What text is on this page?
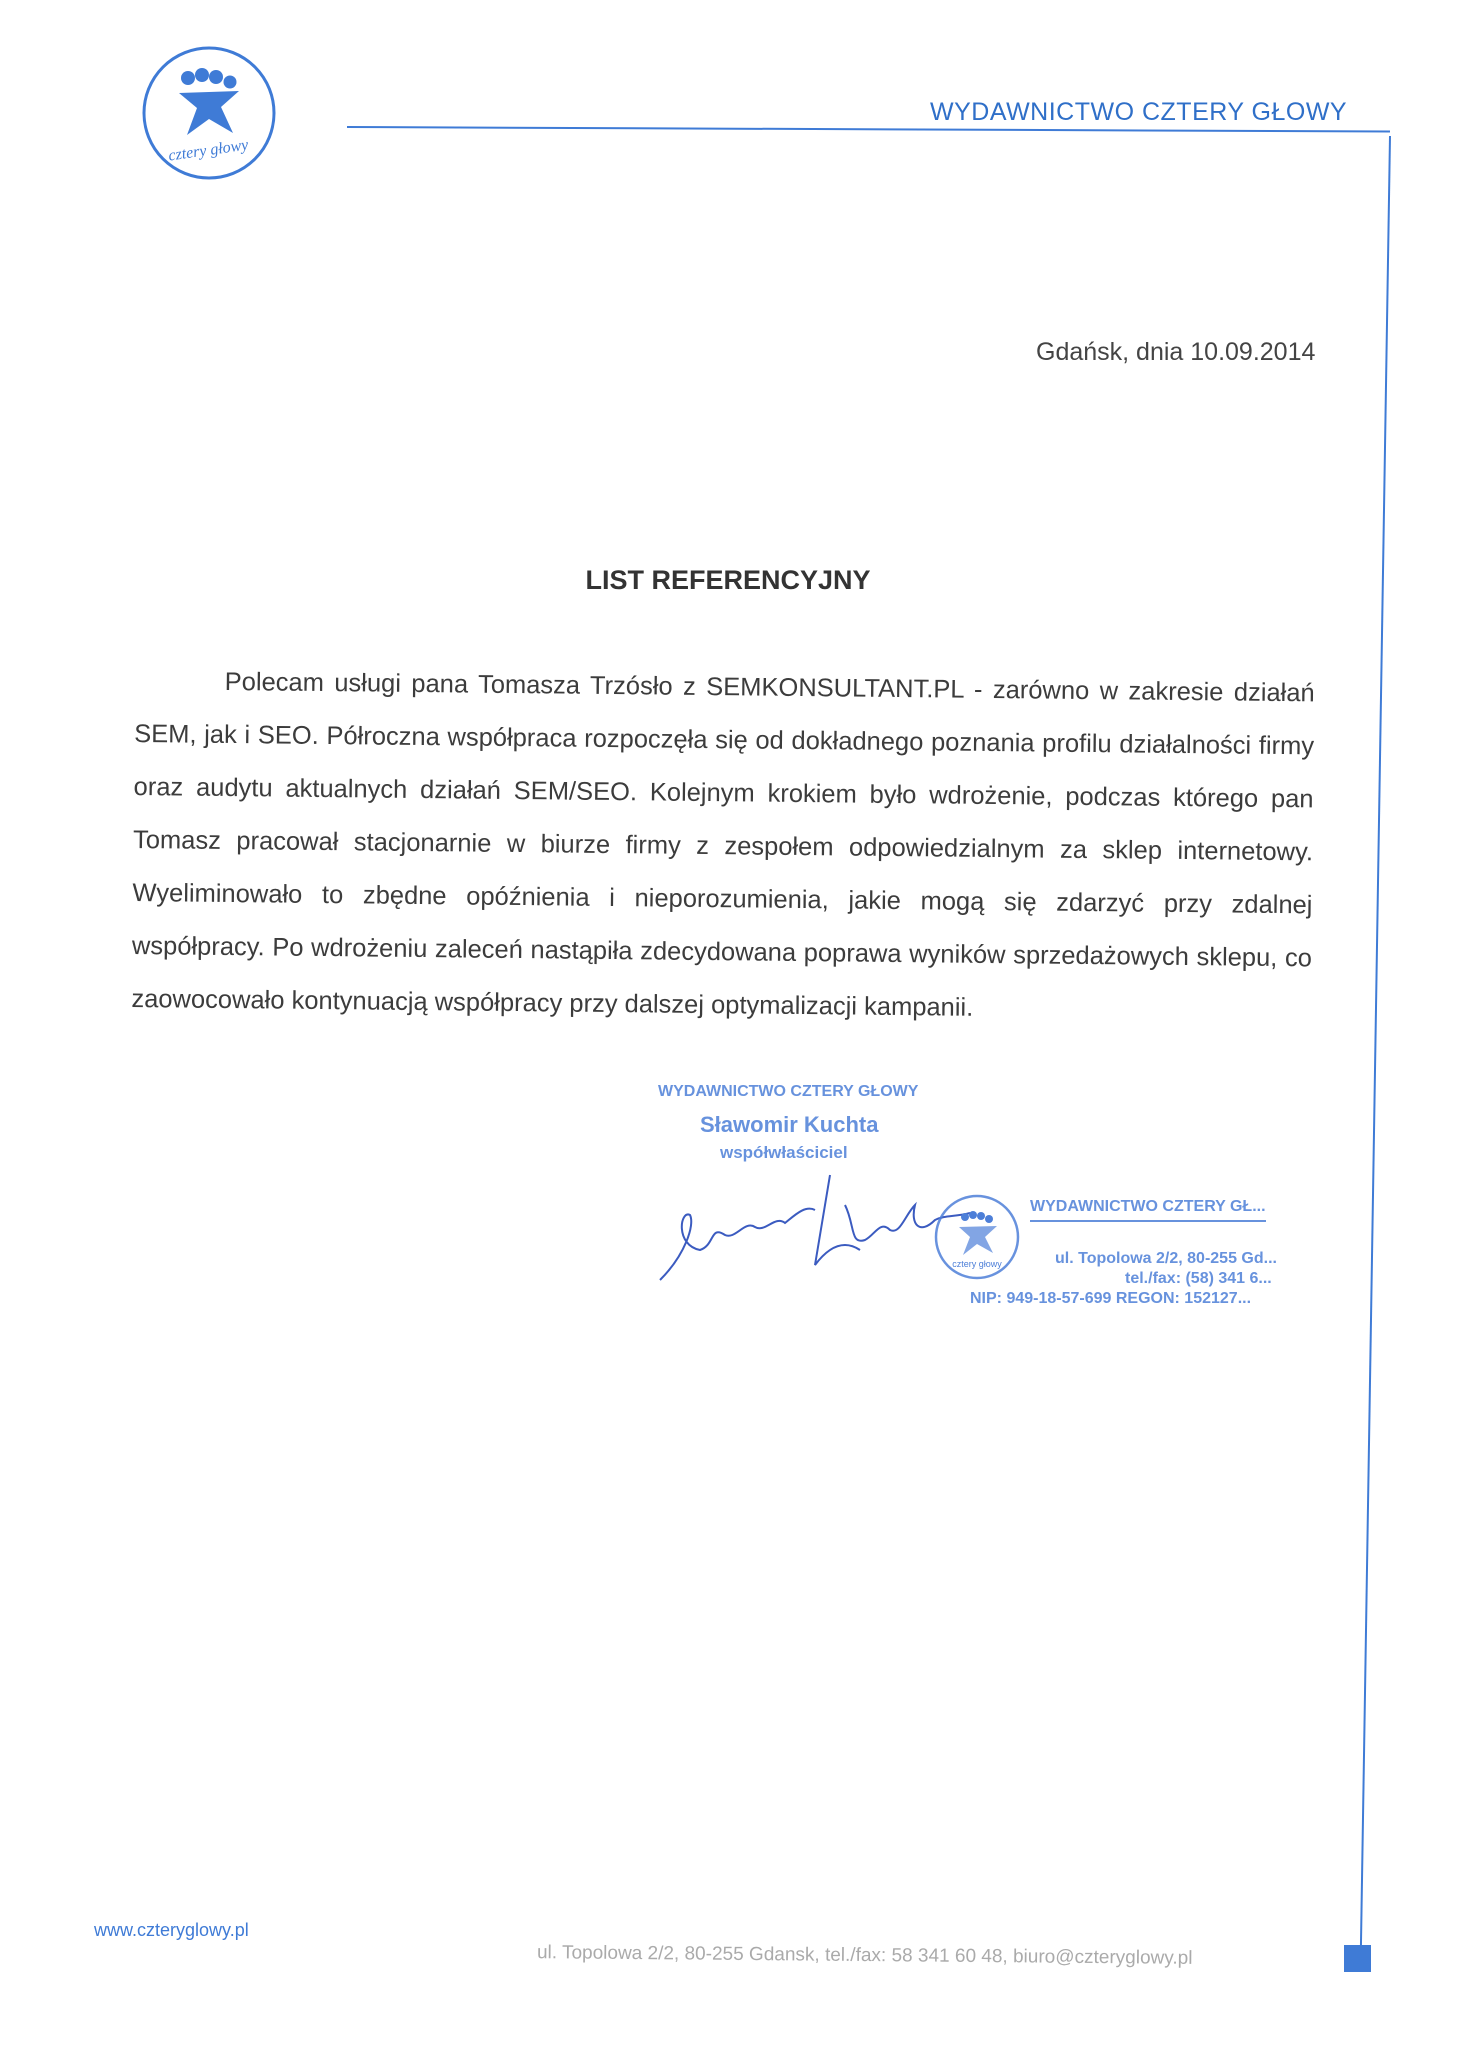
cztery głowy
WYDAWNICTWO CZTERY GŁOWY
Gdańsk, dnia 10.09.2014
LIST REFERENCYJNY

Polecam usługi pana Tomasza Trzósło z SEMKONSULTANT.PL - zarówno w zakresie działań SEM, jak i SEO. Półroczna współpraca rozpoczęła się od dokładnego poznania profilu działalności firmy oraz audytu aktualnych działań SEM/SEO. Kolejnym krokiem było wdrożenie, podczas którego pan Tomasz pracował stacjonarnie w biurze firmy z zespołem odpowiedzialnym za sklep internetowy. Wyeliminowało to zbędne opóźnienia i nieporozumienia, jakie mogą się zdarzyć przy zdalnej współpracy. Po wdrożeniu zaleceń nastąpiła zdecydowana poprawa wyników sprzedażowych sklepu, co zaowocowało kontynuacją współpracy przy dalszej optymalizacji kampanii.

WYDAWNICTWO CZTERY GŁOWY
Sławomir Kuchta
współwłaściciel
cztery głowy
WYDAWNICTWO CZTERY GŁ...
ul. Topolowa 2/2, 80-255 Gd...
tel./fax: (58) 341 6...
NIP: 949-18-57-699 REGON: 152127...
www.czteryglowy.pl
ul. Topolowa 2/2, 80-255 Gdansk, tel./fax: 58 341 60 48, biuro@czteryglowy.pl
